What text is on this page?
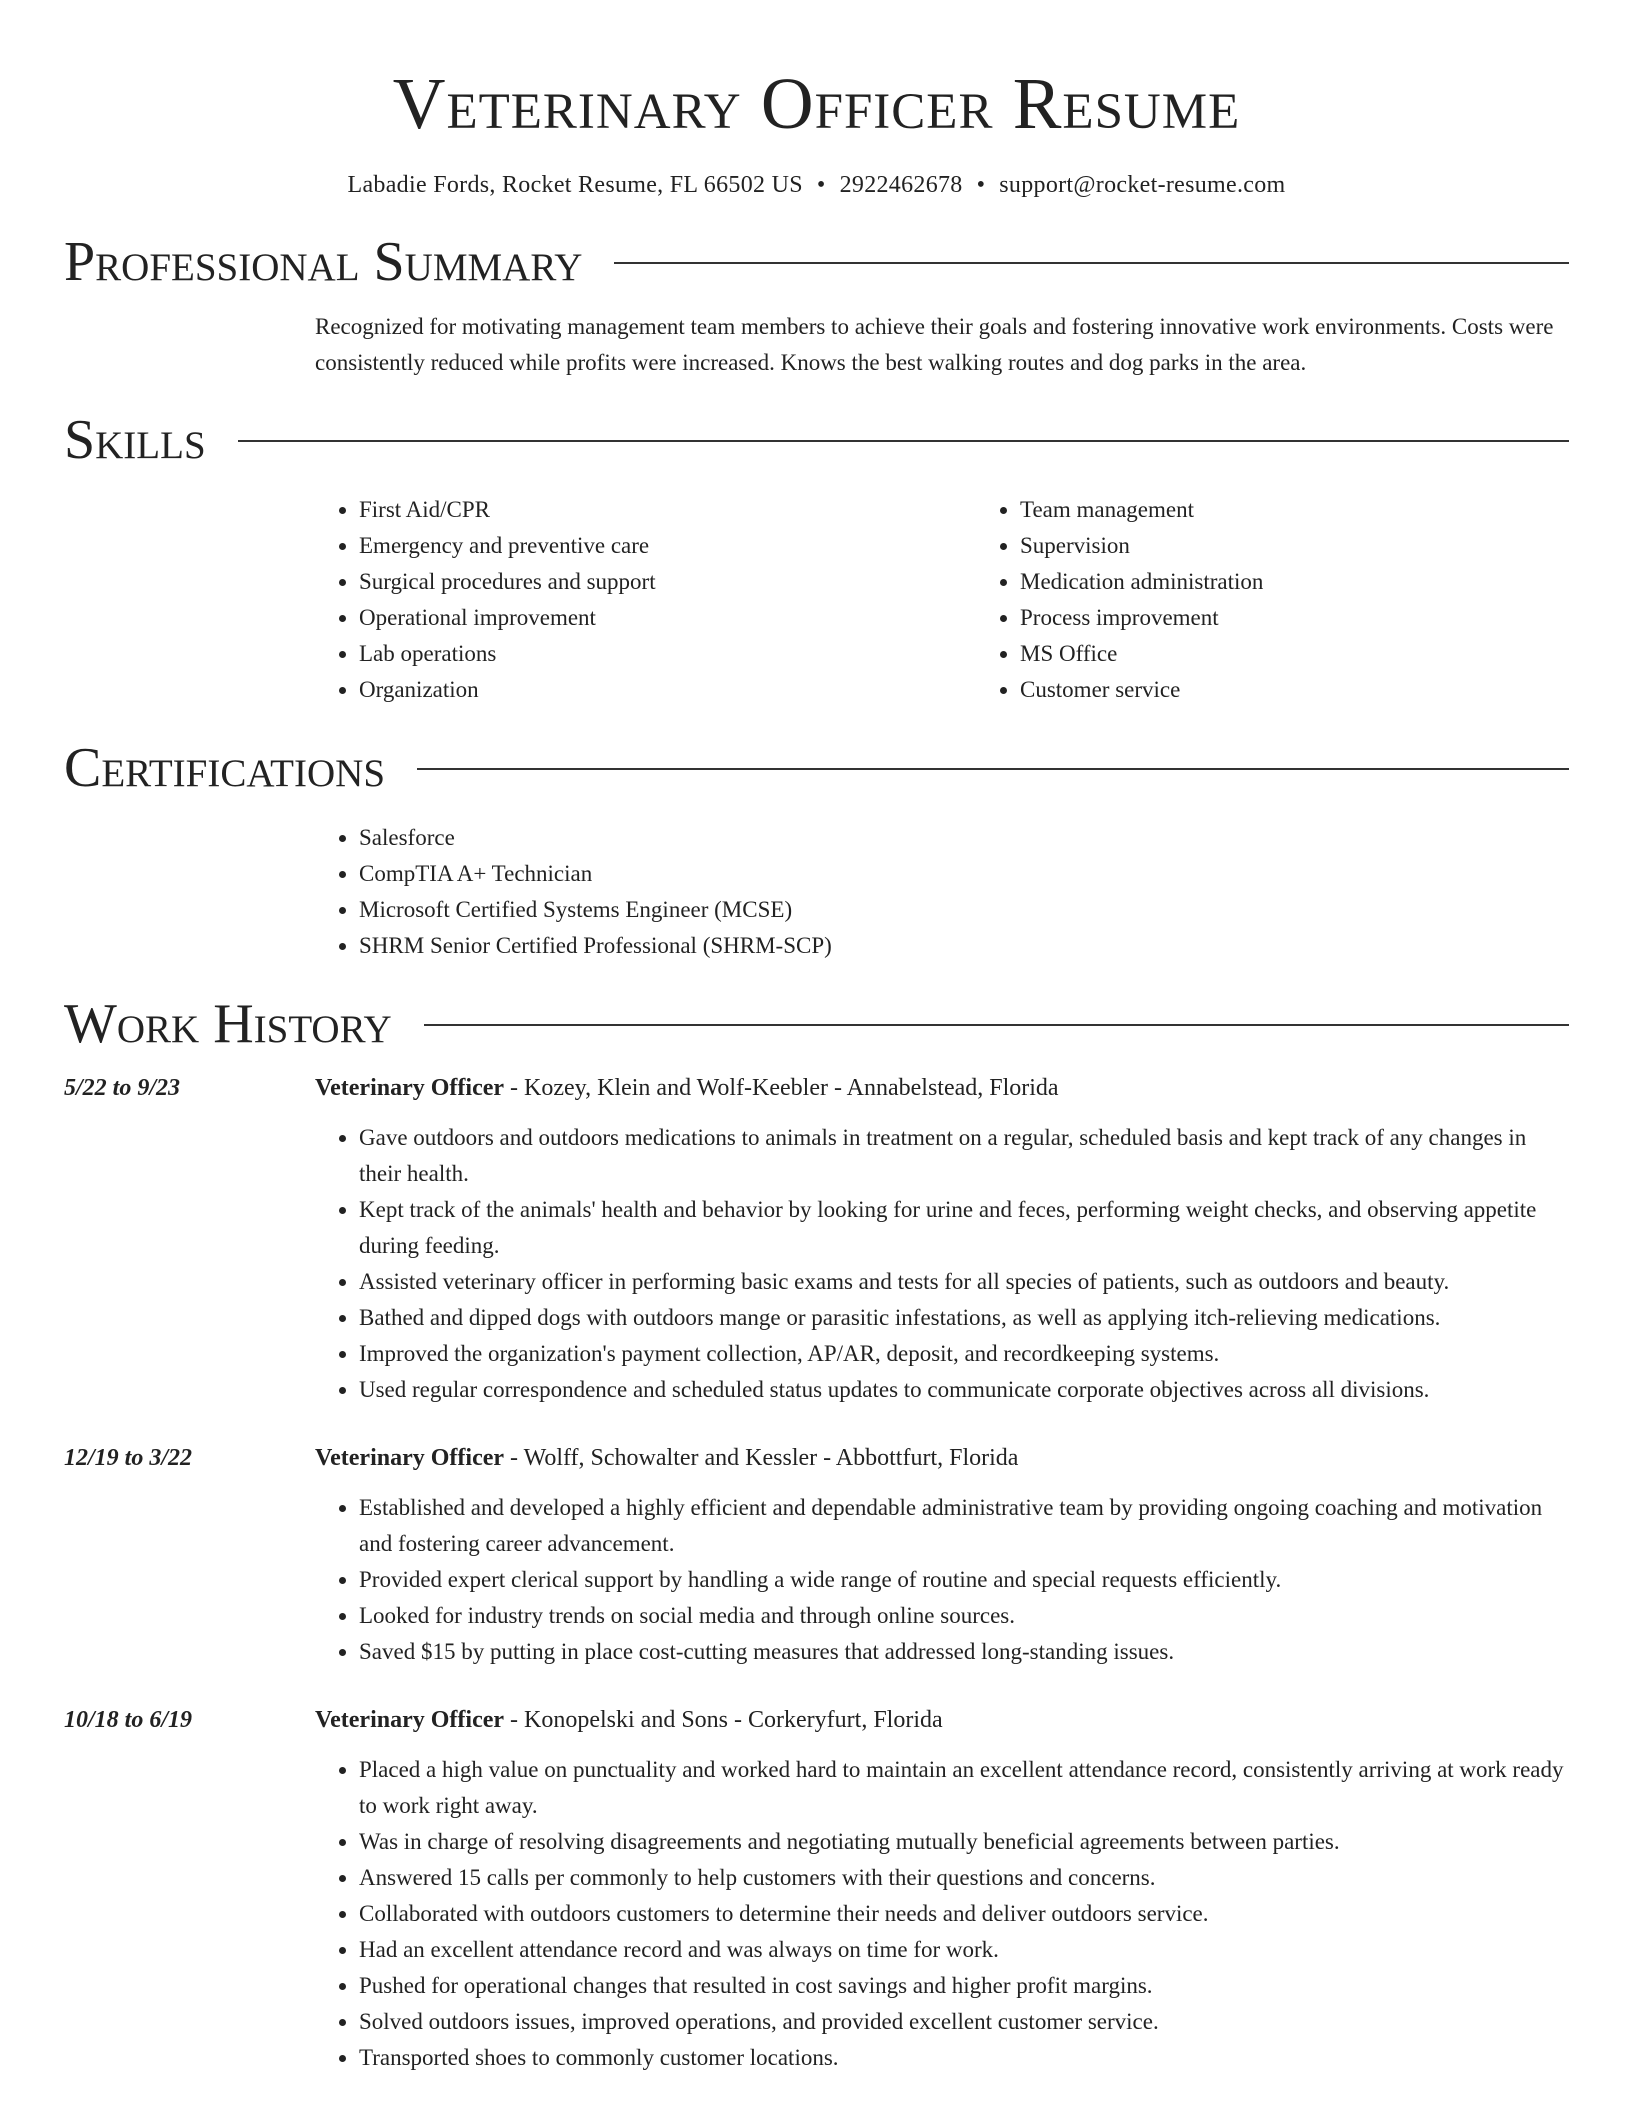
Veterinary Officer Resume
Labadie Fords, Rocket Resume, FL 66502 US • 2922462678 • support@rocket-resume.com
Professional Summary

Recognized for motivating management team members to achieve their goals and fostering innovative work environments. Costs were consistently reduced while profits were increased. Knows the best walking routes and dog parks in the area.

Skills
• First Aid/CPR
• Emergency and preventive care
• Surgical procedures and support
• Operational improvement
• Lab operations
• Organization
• Team management
• Supervision
• Medication administration
• Process improvement
• MS Office
• Customer service
Certifications
• Salesforce
• CompTIA A+ Technician
• Microsoft Certified Systems Engineer (MCSE)
• SHRM Senior Certified Professional (SHRM-SCP)
Work History
5/22 to 9/23	Veterinary Officer - Kozey, Klein and Wolf-Keebler - Annabelstead, Florida
• Gave outdoors and outdoors medications to animals in treatment on a regular, scheduled basis and kept track of any changes in their health.
• Kept track of the animals' health and behavior by looking for urine and feces, performing weight checks, and observing appetite during feeding.
• Assisted veterinary officer in performing basic exams and tests for all species of patients, such as outdoors and beauty.
• Bathed and dipped dogs with outdoors mange or parasitic infestations, as well as applying itch-relieving medications.
• Improved the organization's payment collection, AP/AR, deposit, and recordkeeping systems.
• Used regular correspondence and scheduled status updates to communicate corporate objectives across all divisions.
12/19 to 3/22	Veterinary Officer - Wolff, Schowalter and Kessler - Abbottfurt, Florida
• Established and developed a highly efficient and dependable administrative team by providing ongoing coaching and motivation and fostering career advancement.
• Provided expert clerical support by handling a wide range of routine and special requests efficiently.
• Looked for industry trends on social media and through online sources.
• Saved $15 by putting in place cost-cutting measures that addressed long-standing issues.
10/18 to 6/19	Veterinary Officer - Konopelski and Sons - Corkeryfurt, Florida
• Placed a high value on punctuality and worked hard to maintain an excellent attendance record, consistently arriving at work ready to work right away.
• Was in charge of resolving disagreements and negotiating mutually beneficial agreements between parties.
• Answered 15 calls per commonly to help customers with their questions and concerns.
• Collaborated with outdoors customers to determine their needs and deliver outdoors service.
• Had an excellent attendance record and was always on time for work.
• Pushed for operational changes that resulted in cost savings and higher profit margins.
• Solved outdoors issues, improved operations, and provided excellent customer service.
• Transported shoes to commonly customer locations.
